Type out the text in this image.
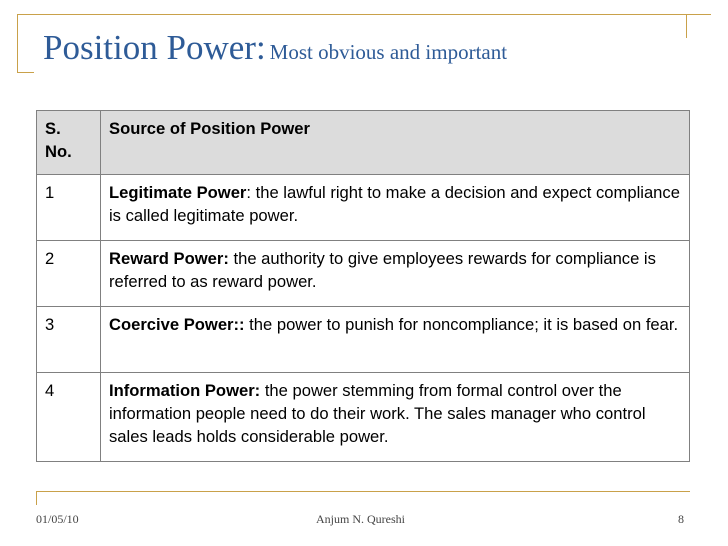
Position Power: Most obvious and important
S. No.	Source of Position Power
1	Legitimate Power: the lawful right to make a decision and expect compliance is called legitimate power.
2	Reward Power: the authority to give employees rewards for compliance is referred to as reward power.
3	Coercive Power:: the power to punish for noncompliance; it is based on fear.
4	Information Power: the power stemming from formal control over the information people need to do their work. The sales manager who control sales leads holds considerable power.
01/05/10	Anjum N. Qureshi	8
